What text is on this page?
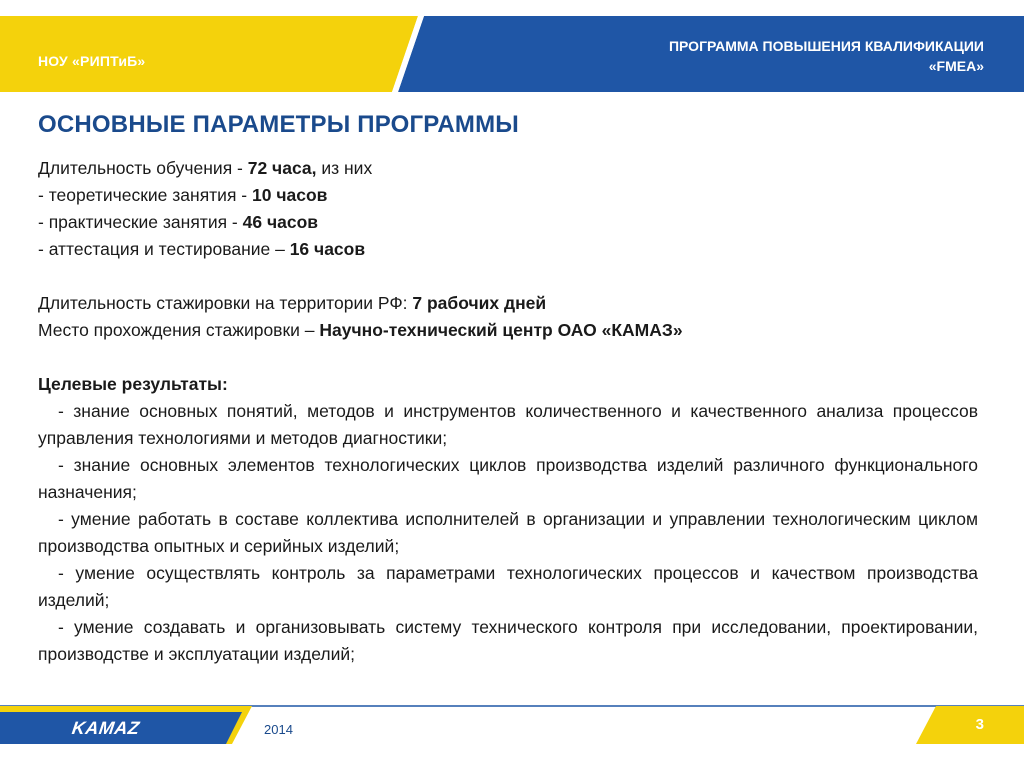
НОУ «РИПТиБ»
ПРОГРАММА ПОВЫШЕНИЯ КВАЛИФИКАЦИИ
«FMEA»
ОСНОВНЫЕ ПАРАМЕТРЫ ПРОГРАММЫ

Длительность обучения - 72 часа, из них

- теоретические занятия - 10 часов

- практические занятия - 46 часов

- аттестация и тестирование – 16 часов

Длительность стажировки на территории РФ: 7 рабочих дней

Место прохождения стажировки – Научно-технический центр ОАО «КАМАЗ»

Целевые результаты:

- знание основных понятий, методов и инструментов количественного и качественного анализа процессов управления технологиями и методов диагностики;

- знание основных элементов технологических циклов производства изделий различного функционального назначения;

- умение работать в составе коллектива исполнителей в организации и управлении технологическим циклом производства опытных и серийных изделий;

- умение осуществлять контроль за параметрами технологических процессов и качеством производства изделий;

- умение создавать и организовывать систему технического контроля при исследовании, проектировании, производстве и эксплуатации изделий;

KAMAZ	2014	3
